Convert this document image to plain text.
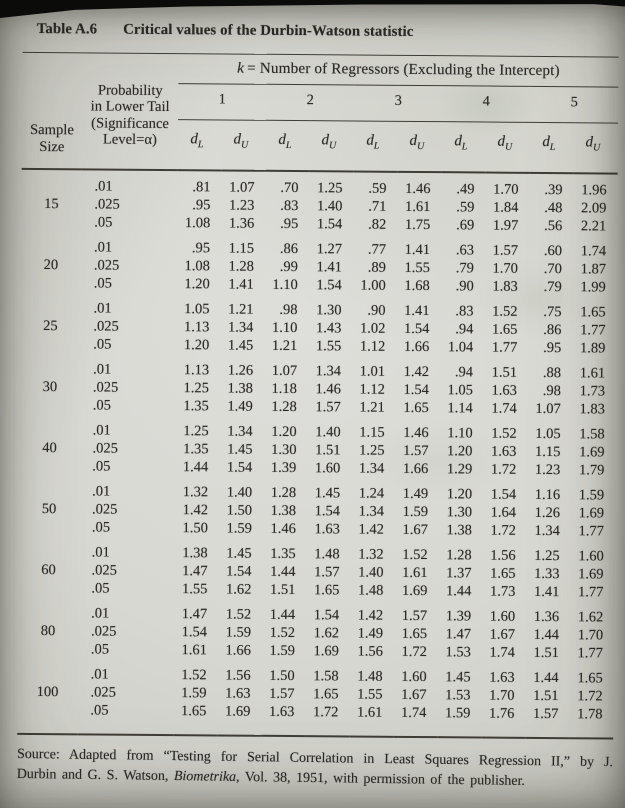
Table A.6 Critical values of the Durbin-Watson statistic
Sample
Size	Probability
in Lower Tail
(Significance
Level=α)	k = Number of Regressors (Excluding the Intercept)									
		1		2		3		4		5	
		$d_L$	$d_U$	$d_L$	$d_U$	$d_L$	$d_U$	$d_L$	$d_U$	$d_L$	$d_U$
	.01	.81	1.07	.70	1.25	.59	1.46	.49	1.70	.39	1.96
15	.025	.95	1.23	.83	1.40	.71	1.61	.59	1.84	.48	2.09
	.05	1.08	1.36	.95	1.54	.82	1.75	.69	1.97	.56	2.21
	.01	.95	1.15	.86	1.27	.77	1.41	.63	1.57	.60	1.74
20	.025	1.08	1.28	.99	1.41	.89	1.55	.79	1.70	.70	1.87
	.05	1.20	1.41	1.10	1.54	1.00	1.68	.90	1.83	.79	1.99
	.01	1.05	1.21	.98	1.30	.90	1.41	.83	1.52	.75	1.65
25	.025	1.13	1.34	1.10	1.43	1.02	1.54	.94	1.65	.86	1.77
	.05	1.20	1.45	1.21	1.55	1.12	1.66	1.04	1.77	.95	1.89
	.01	1.13	1.26	1.07	1.34	1.01	1.42	.94	1.51	.88	1.61
30	.025	1.25	1.38	1.18	1.46	1.12	1.54	1.05	1.63	.98	1.73
	.05	1.35	1.49	1.28	1.57	1.21	1.65	1.14	1.74	1.07	1.83
	.01	1.25	1.34	1.20	1.40	1.15	1.46	1.10	1.52	1.05	1.58
40	.025	1.35	1.45	1.30	1.51	1.25	1.57	1.20	1.63	1.15	1.69
	.05	1.44	1.54	1.39	1.60	1.34	1.66	1.29	1.72	1.23	1.79
	.01	1.32	1.40	1.28	1.45	1.24	1.49	1.20	1.54	1.16	1.59
50	.025	1.42	1.50	1.38	1.54	1.34	1.59	1.30	1.64	1.26	1.69
	.05	1.50	1.59	1.46	1.63	1.42	1.67	1.38	1.72	1.34	1.77
	.01	1.38	1.45	1.35	1.48	1.32	1.52	1.28	1.56	1.25	1.60
60	.025	1.47	1.54	1.44	1.57	1.40	1.61	1.37	1.65	1.33	1.69
	.05	1.55	1.62	1.51	1.65	1.48	1.69	1.44	1.73	1.41	1.77
	.01	1.47	1.52	1.44	1.54	1.42	1.57	1.39	1.60	1.36	1.62
80	.025	1.54	1.59	1.52	1.62	1.49	1.65	1.47	1.67	1.44	1.70
	.05	1.61	1.66	1.59	1.69	1.56	1.72	1.53	1.74	1.51	1.77
	.01	1.52	1.56	1.50	1.58	1.48	1.60	1.45	1.63	1.44	1.65
100	.025	1.59	1.63	1.57	1.65	1.55	1.67	1.53	1.70	1.51	1.72
	.05	1.65	1.69	1.63	1.72	1.61	1.74	1.59	1.76	1.57	1.78

Source: Adapted from “Testing for Serial Correlation in Least Squares Regression II,” by J.
Durbin and G. S. Watson, Biometrika, Vol. 38, 1951, with permission of the publisher.
